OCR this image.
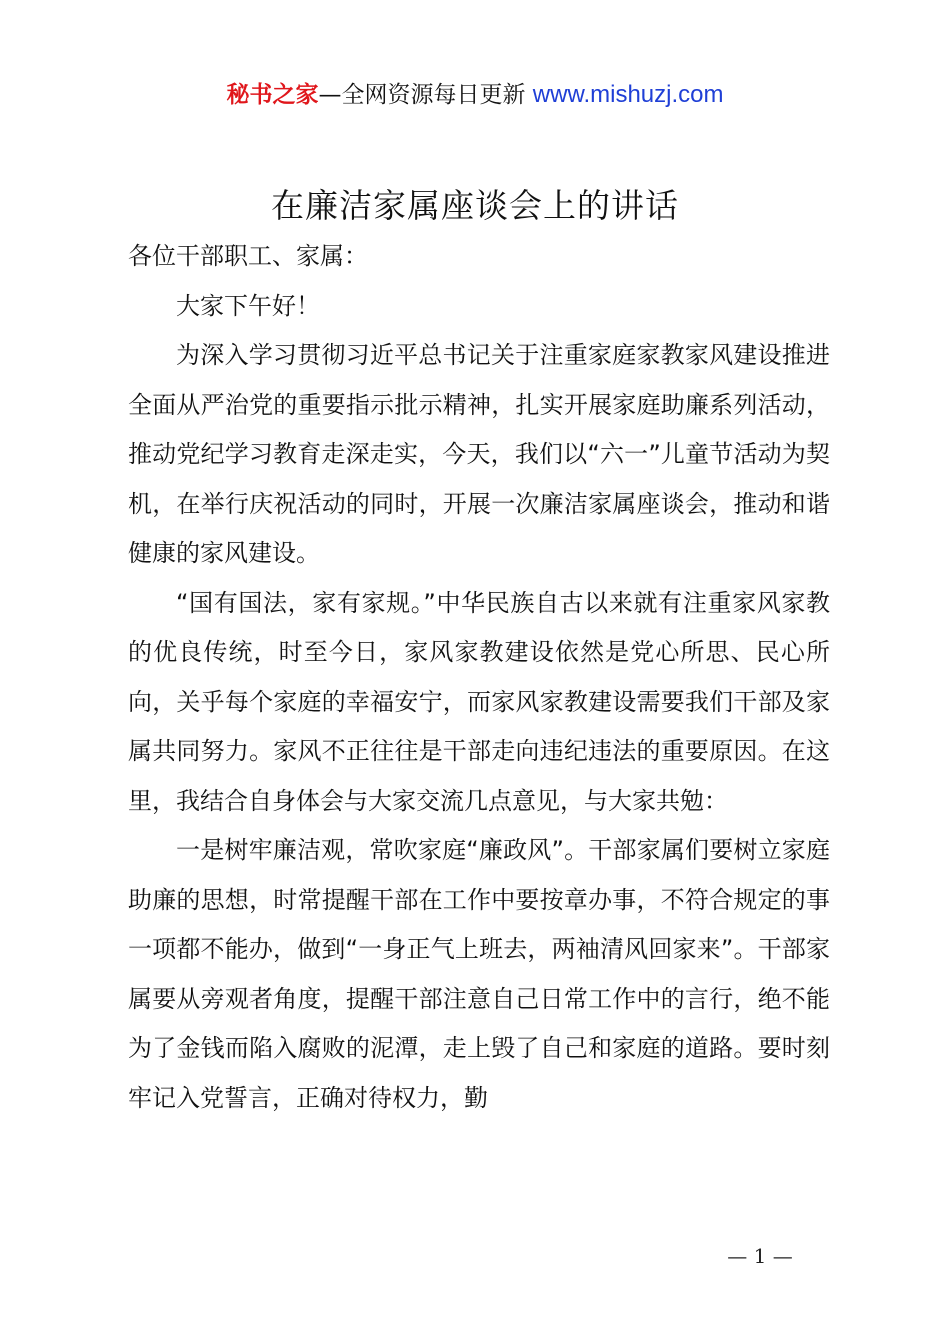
秘书之家—全网资源每日更新 www.mishuzj.com
在廉洁家属座谈会上的讲话

各位干部职工、家属：

大家下午好！

为深入学习贯彻习近平总书记关于注重家庭家教家风建设推进全面从严治党的重要指示批示精神，扎实开展家庭助廉系列活动，推动党纪学习教育走深走实，今天，我们以“六一”儿童节活动为契机，在举行庆祝活动的同时，开展一次廉洁家属座谈会，推动和谐健康的家风建设。

“国有国法，家有家规。”中华民族自古以来就有注重家风家教的优良传统，时至今日，家风家教建设依然是党心所思、民心所向，关乎每个家庭的幸福安宁，而家风家教建设需要我们干部及家属共同努力。家风不正往往是干部走向违纪违法的重要原因。在这里，我结合自身体会与大家交流几点意见，与大家共勉：

一是树牢廉洁观，常吹家庭“廉政风”。干部家属们要树立家庭助廉的思想，时常提醒干部在工作中要按章办事，不符合规定的事一项都不能办，做到“一身正气上班去，两袖清风回家来”。干部家属要从旁观者角度，提醒干部注意自己日常工作中的言行，绝不能为了金钱而陷入腐败的泥潭，走上毁了自己和家庭的道路。要时刻牢记入党誓言，正确对待权力，勤

— 1 —
